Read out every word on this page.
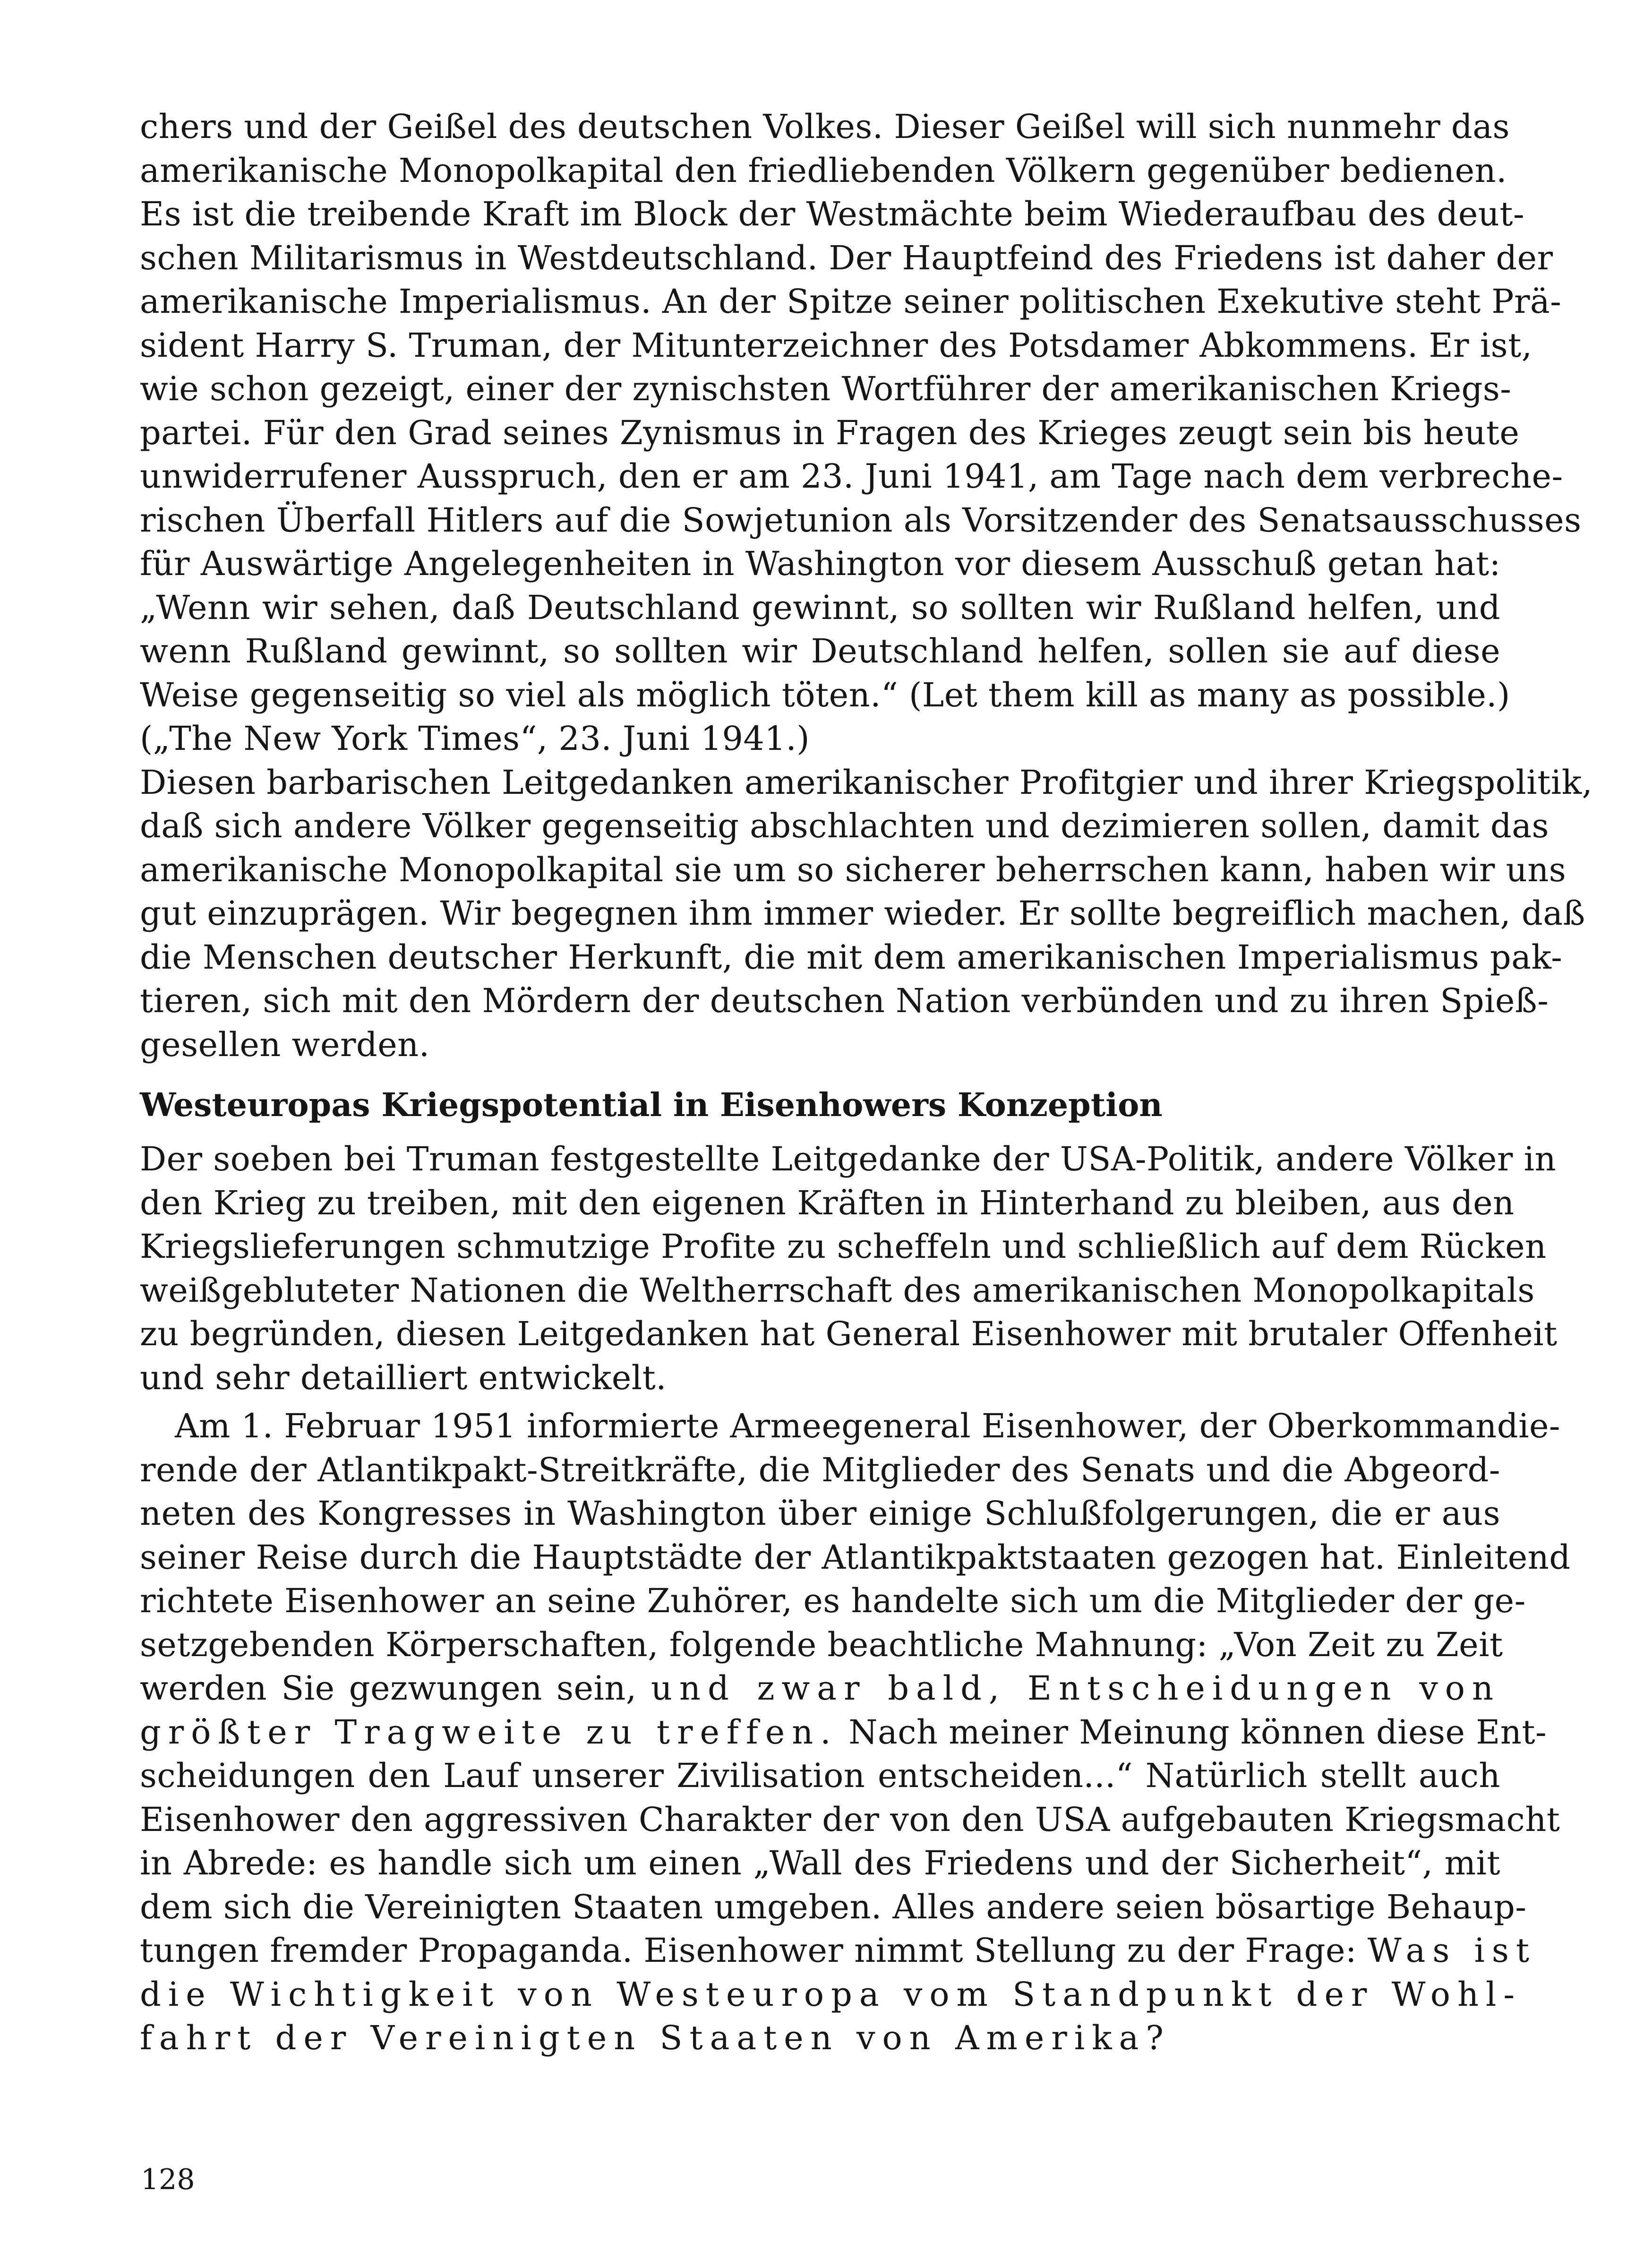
chers und der Geißel des deutschen Volkes. Dieser Geißel will sich nunmehr das
amerikanische Monopolkapital den friedliebenden Völkern gegenüber bedienen.
Es ist die treibende Kraft im Block der Westmächte beim Wiederaufbau des deut-
schen Militarismus in Westdeutschland. Der Hauptfeind des Friedens ist daher der
amerikanische Imperialismus. An der Spitze seiner politischen Exekutive steht Prä-
sident Harry S. Truman, der Mitunterzeichner des Potsdamer Abkommens. Er ist,
wie schon gezeigt, einer der zynischsten Wortführer der amerikanischen Kriegs-
partei. Für den Grad seines Zynismus in Fragen des Krieges zeugt sein bis heute
unwiderrufener Ausspruch, den er am 23. Juni 1941, am Tage nach dem verbreche-
rischen Überfall Hitlers auf die Sowjetunion als Vorsitzender des Senatsausschusses
für Auswärtige Angelegenheiten in Washington vor diesem Ausschuß getan hat:
„Wenn wir sehen, daß Deutschland gewinnt, so sollten wir Rußland helfen, und
wenn Rußland gewinnt, so sollten wir Deutschland helfen, sollen sie auf diese
Weise gegenseitig so viel als möglich töten.“ (Let them kill as many as possible.)
(„The New York Times“, 23. Juni 1941.)
Diesen barbarischen Leitgedanken amerikanischer Profitgier und ihrer Kriegspolitik,
daß sich andere Völker gegenseitig abschlachten und dezimieren sollen, damit das
amerikanische Monopolkapital sie um so sicherer beherrschen kann, haben wir uns
gut einzuprägen. Wir begegnen ihm immer wieder. Er sollte begreiflich machen, daß
die Menschen deutscher Herkunft, die mit dem amerikanischen Imperialismus pak-
tieren, sich mit den Mördern der deutschen Nation verbünden und zu ihren Spieß-
gesellen werden.
Westeuropas Kriegspotential in Eisenhowers Konzeption
Der soeben bei Truman festgestellte Leitgedanke der USA-Politik, andere Völker in
den Krieg zu treiben, mit den eigenen Kräften in Hinterhand zu bleiben, aus den
Kriegslieferungen schmutzige Profite zu scheffeln und schließlich auf dem Rücken
weißgebluteter Nationen die Weltherrschaft des amerikanischen Monopolkapitals
zu begründen, diesen Leitgedanken hat General Eisenhower mit brutaler Offenheit
und sehr detailliert entwickelt.
Am 1. Februar 1951 informierte Armeegeneral Eisenhower, der Oberkommandie-
rende der Atlantikpakt-Streitkräfte, die Mitglieder des Senats und die Abgeord-
neten des Kongresses in Washington über einige Schlußfolgerungen, die er aus
seiner Reise durch die Hauptstädte der Atlantikpaktstaaten gezogen hat. Einleitend
richtete Eisenhower an seine Zuhörer, es handelte sich um die Mitglieder der ge-
setzgebenden Körperschaften, folgende beachtliche Mahnung: „Von Zeit zu Zeit
werden Sie gezwungen sein, und zwar bald, Entscheidungen von
größter Tragweite zu treffen. Nach meiner Meinung können diese Ent-
scheidungen den Lauf unserer Zivilisation entscheiden...“ Natürlich stellt auch
Eisenhower den aggressiven Charakter der von den USA aufgebauten Kriegsmacht
in Abrede: es handle sich um einen „Wall des Friedens und der Sicherheit“, mit
dem sich die Vereinigten Staaten umgeben. Alles andere seien bösartige Behaup-
tungen fremder Propaganda. Eisenhower nimmt Stellung zu der Frage: Was ist
die Wichtigkeit von Westeuropa vom Standpunkt der Wohl-
fahrt der Vereinigten Staaten von Amerika?
128
